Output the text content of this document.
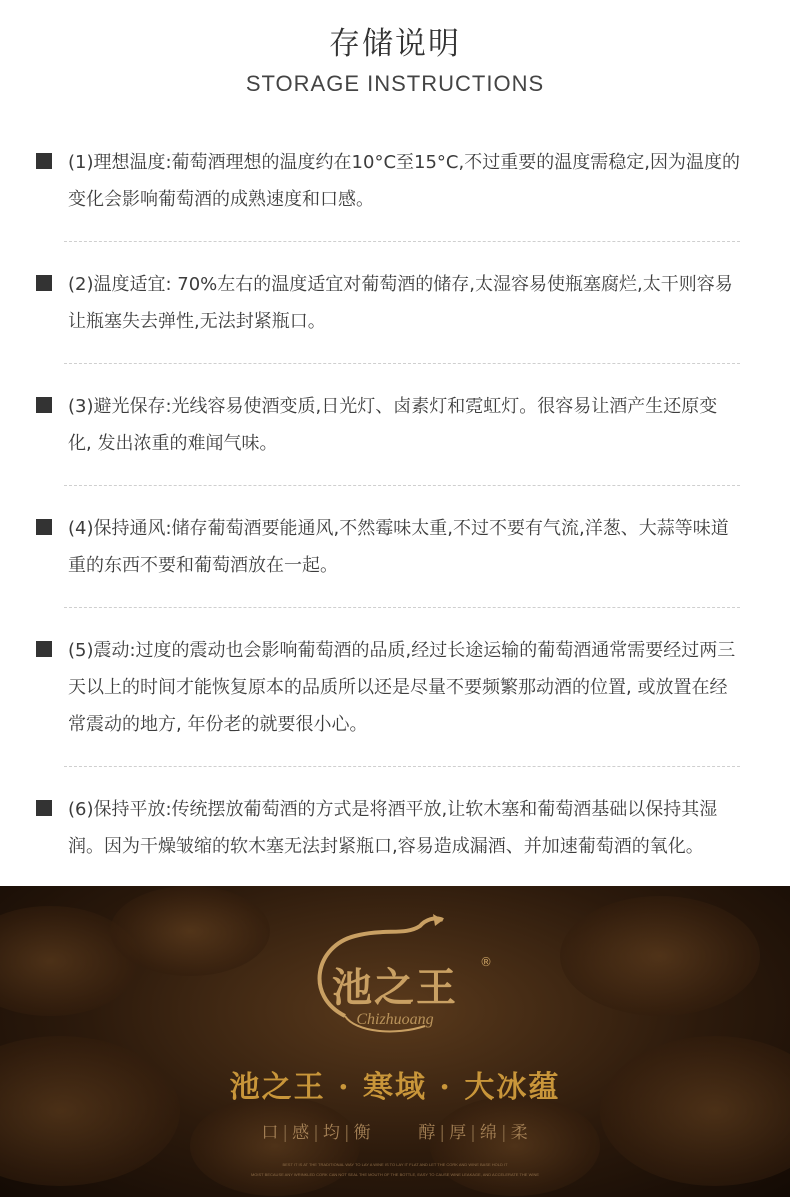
存储说明
STORAGE INSTRUCTIONS
(1)理想温度:葡萄酒理想的温度约在10°C至15°C,不过重要的温度需稳定,因为温度的变化会影响葡萄酒的成熟速度和口感。
(2)温度适宜: 70%左右的温度适宜对葡萄酒的储存,太湿容易使瓶塞腐烂,太干则容易让瓶塞失去弹性,无法封紧瓶口。
(3)避光保存:光线容易使酒变质,日光灯、卤素灯和霓虹灯。很容易让酒产生还原变化, 发出浓重的难闻气味。
(4)保持通风:储存葡萄酒要能通风,不然霉味太重,不过不要有气流,洋葱、大蒜等味道重的东西不要和葡萄酒放在一起。
(5)震动:过度的震动也会影响葡萄酒的品质,经过长途运输的葡萄酒通常需要经过两三天以上的时间才能恢复原本的品质所以还是尽量不要频繁那动酒的位置, 或放置在经常震动的地方, 年份老的就要很小心。
(6)保持平放:传统摆放葡萄酒的方式是将酒平放,让软木塞和葡萄酒基础以保持其湿润。因为干燥皱缩的软木塞无法封紧瓶口,容易造成漏酒、并加速葡萄酒的氧化。
®
池之王
Chizhuoang
池之王 · 寒域 · 大冰蕴
口 | 感 | 均 | 衡	醇 | 厚 | 绵 | 柔
BEST IT IS AT THE TRADITIONAL WAY TO LAY A WINE IS TO LAY IT FLAT AND LET THE CORK AND WINE BASE HOLD IT
MOIST BECAUSE ANY WRINKLED CORK CAN NOT SEAL THE MOUTH OF THE BOTTLE, EASY TO CAUSE WINE LEAKAGE, AND ACCELERATE THE WINE
